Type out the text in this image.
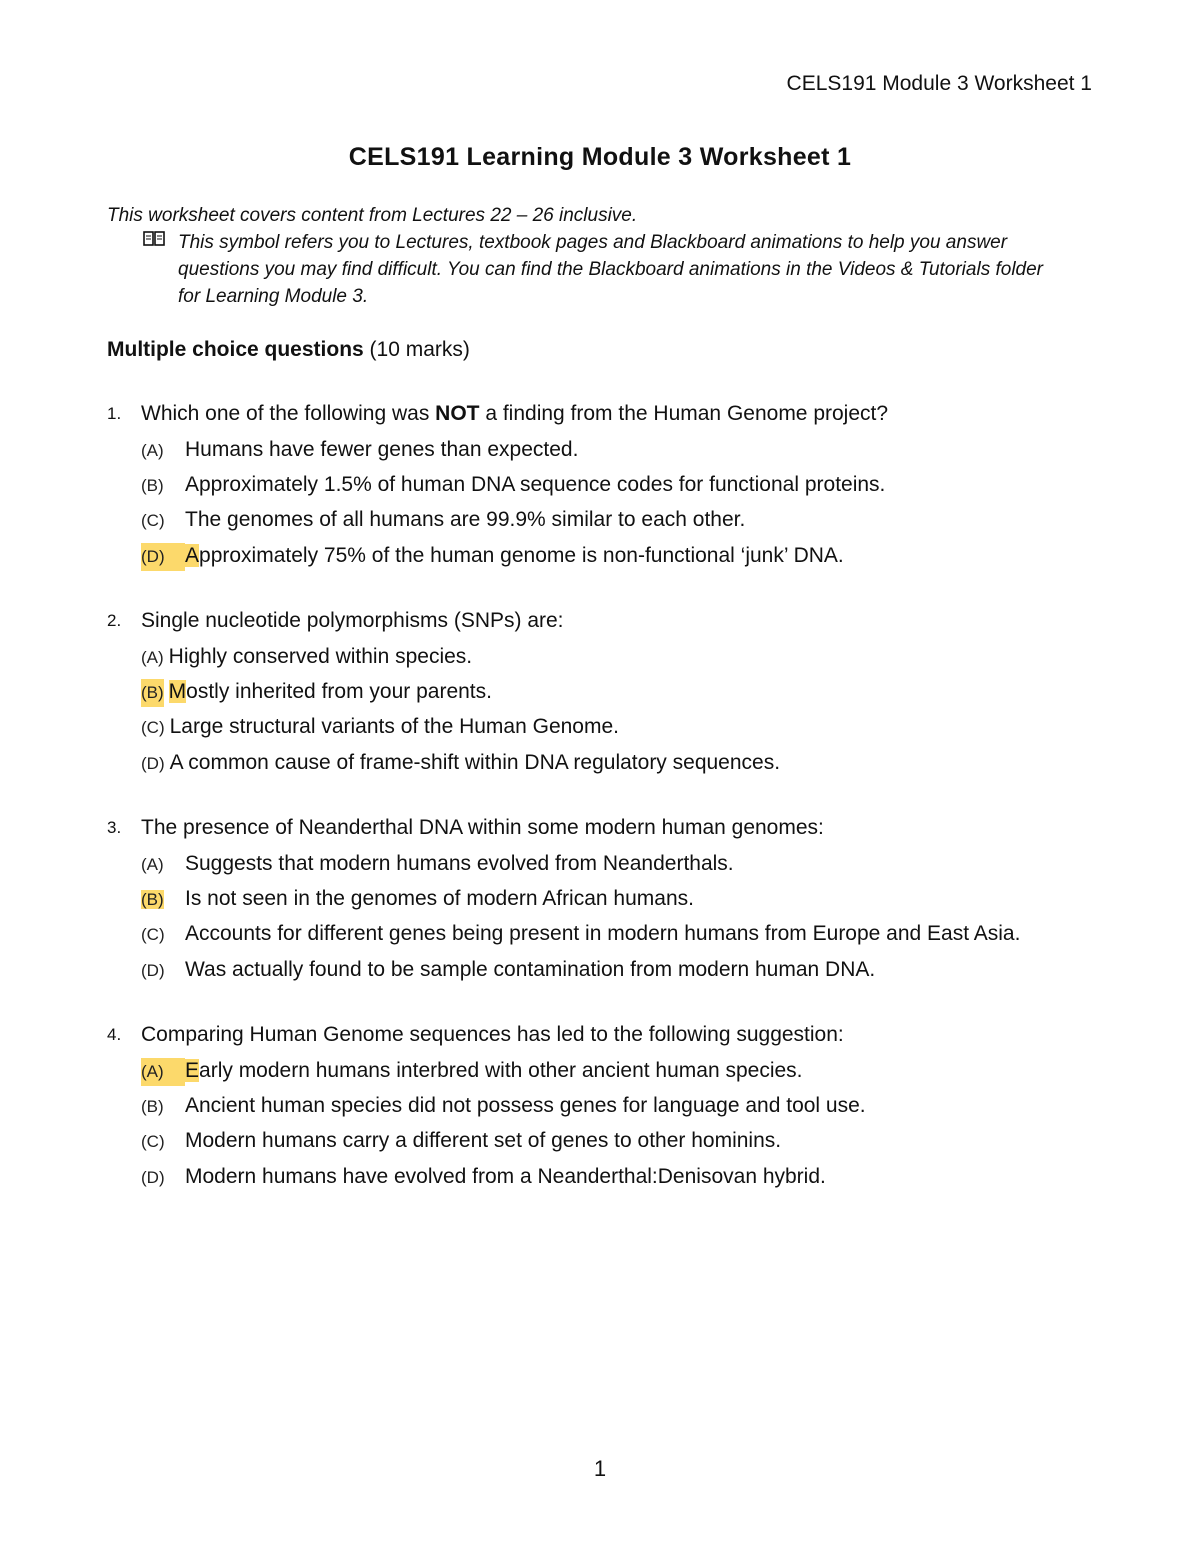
CELS191 Module 3 Worksheet 1
CELS191 Learning Module 3 Worksheet 1
This worksheet covers content from Lectures 22 – 26 inclusive.
This symbol refers you to Lectures, textbook pages and Blackboard animations to help you answer questions you may find difficult. You can find the Blackboard animations in the Videos & Tutorials folder for Learning Module 3.
Multiple choice questions (10 marks)
1. Which one of the following was NOT a finding from the Human Genome project?
(A) Humans have fewer genes than expected.
(B) Approximately 1.5% of human DNA sequence codes for functional proteins.
(C) The genomes of all humans are 99.9% similar to each other.
(D) Approximately 75% of the human genome is non-functional ‘junk’ DNA.
2. Single nucleotide polymorphisms (SNPs) are:
(A) Highly conserved within species.
(B) Mostly inherited from your parents.
(C) Large structural variants of the Human Genome.
(D) A common cause of frame-shift within DNA regulatory sequences.
3. The presence of Neanderthal DNA within some modern human genomes:
(A) Suggests that modern humans evolved from Neanderthals.
(B) Is not seen in the genomes of modern African humans.
(C) Accounts for different genes being present in modern humans from Europe and East Asia.
(D) Was actually found to be sample contamination from modern human DNA.
4. Comparing Human Genome sequences has led to the following suggestion:
(A) Early modern humans interbred with other ancient human species.
(B) Ancient human species did not possess genes for language and tool use.
(C) Modern humans carry a different set of genes to other hominins.
(D) Modern humans have evolved from a Neanderthal:Denisovan hybrid.
1
